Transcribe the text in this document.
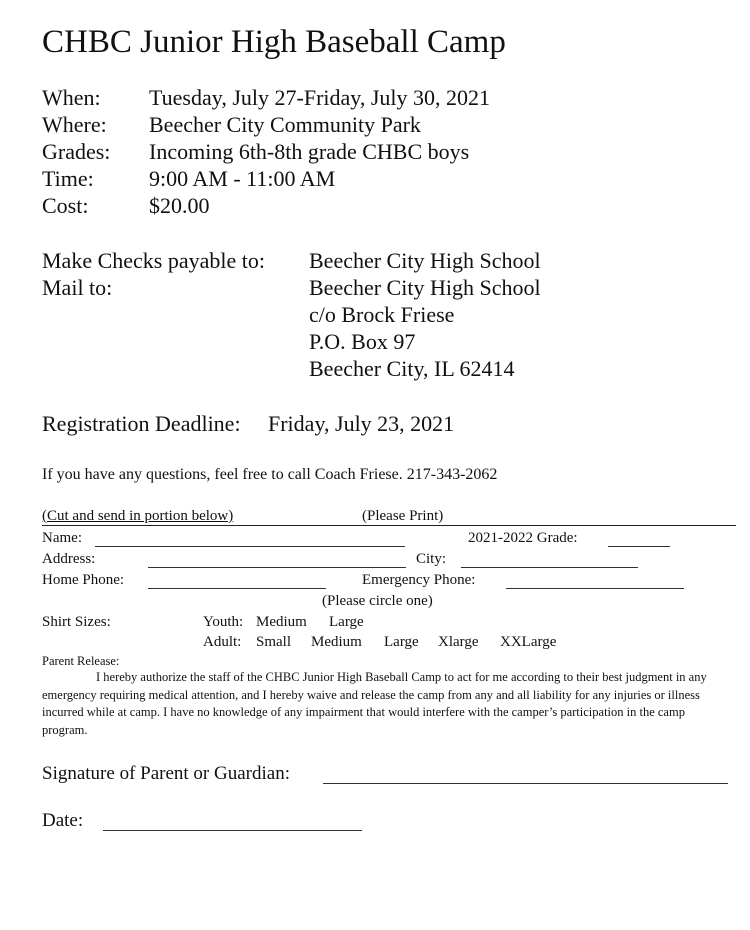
CHBC Junior High Baseball Camp
When: Tuesday, July 27-Friday, July 30, 2021
Where: Beecher City Community Park
Grades: Incoming 6th-8th grade CHBC boys
Time:	9:00 AM - 11:00 AM
Cost:	$20.00
Make Checks payable to: Beecher City High School
Mail to:	Beecher City High School
c/o Brock Friese
P.O. Box 97
Beecher City, IL 62414
Registration Deadline: Friday, July 23, 2021
If you have any questions, feel free to call Coach Friese. 217-343-2062
(Cut and send in portion below)	(Please Print)
Name:	2021-2022 Grade:
Address:	City:
Home Phone:	Emergency Phone:
(Please circle one)
Shirt Sizes:	Youth: Medium Large
Adult: Small Medium Large Xlarge XXLarge
Parent Release:
I hereby authorize the staff of the CHBC Junior High Baseball Camp to act for me according to their best judgment in any emergency requiring medical attention, and I hereby waive and release the camp from any and all liability for any injuries or illness incurred while at camp. I have no knowledge of any impairment that would interfere with the camper’s participation in the camp program.
Signature of Parent or Guardian:
Date:
